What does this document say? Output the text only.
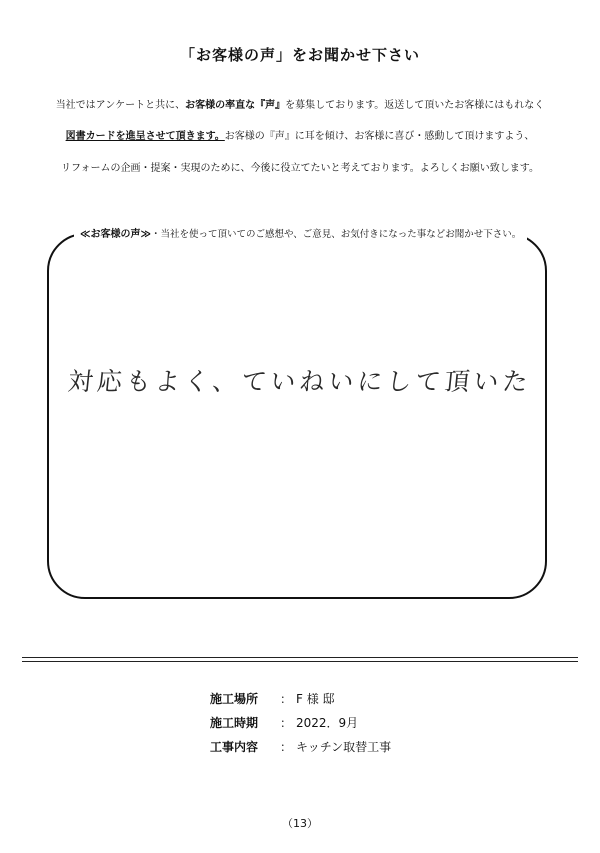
「お客様の声」をお聞かせ下さい
当社ではアンケートと共に、お客様の率直な『声』を募集しております。返送して頂いたお客様にはもれなく
図書カードを進呈させて頂きます。お客様の『声』に耳を傾け、お客様に喜び・感動して頂けますよう、
リフォームの企画・提案・実現のために、今後に役立てたいと考えております。よろしくお願い致します。
≪お客様の声≫・当社を使って頂いてのご感想や、ご意見、お気付きになった事などお聞かせ下さい。
対応もよく、ていねいにして頂いた
施工場所 ： F 様 邸
施工時期 ： 2022．9月
工事内容 ： キッチン取替工事
（13）
